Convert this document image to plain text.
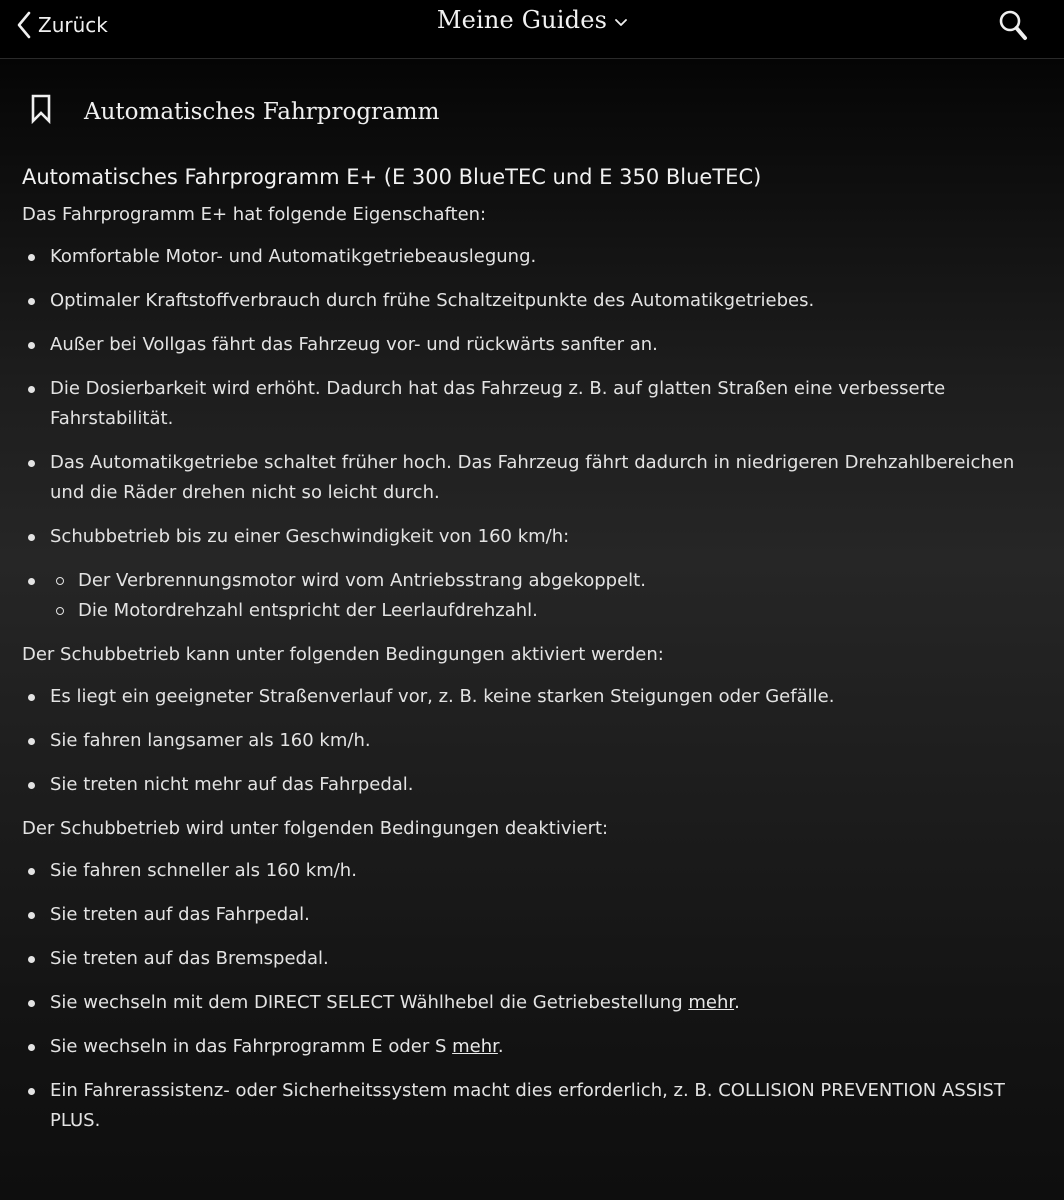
Zurück	Meine Guides
Automatisches Fahrprogramm
Automatisches Fahrprogramm E+ (E 300 BlueTEC und E 350 BlueTEC)

Das Fahrprogramm E+ hat folgende Eigenschaften:

Komfortable Motor- und Automatikgetriebeauslegung.
Optimaler Kraftstoffverbrauch durch frühe Schaltzeitpunkte des Automatikgetriebes.
Außer bei Vollgas fährt das Fahrzeug vor- und rückwärts sanfter an.
Die Dosierbarkeit wird erhöht. Dadurch hat das Fahrzeug z. B. auf glatten Straßen eine verbesserte Fahrstabilität.
Das Automatikgetriebe schaltet früher hoch. Das Fahrzeug fährt dadurch in niedrigeren Drehzahlbereichen und die Räder drehen nicht so leicht durch.
Schubbetrieb bis zu einer Geschwindigkeit von 160 km/h:
Der Verbrennungsmotor wird vom Antriebsstrang abgekoppelt.
Die Motordrehzahl entspricht der Leerlaufdrehzahl.

Der Schubbetrieb kann unter folgenden Bedingungen aktiviert werden:

Es liegt ein geeigneter Straßenverlauf vor, z. B. keine starken Steigungen oder Gefälle.
Sie fahren langsamer als 160 km/h.
Sie treten nicht mehr auf das Fahrpedal.

Der Schubbetrieb wird unter folgenden Bedingungen deaktiviert:

Sie fahren schneller als 160 km/h.
Sie treten auf das Fahrpedal.
Sie treten auf das Bremspedal.
Sie wechseln mit dem DIRECT SELECT Wählhebel die Getriebestellung mehr.
Sie wechseln in das Fahrprogramm E oder S mehr.
Ein Fahrerassistenz- oder Sicherheitssystem macht dies erforderlich, z. B. COLLISION PREVENTION ASSIST PLUS.
